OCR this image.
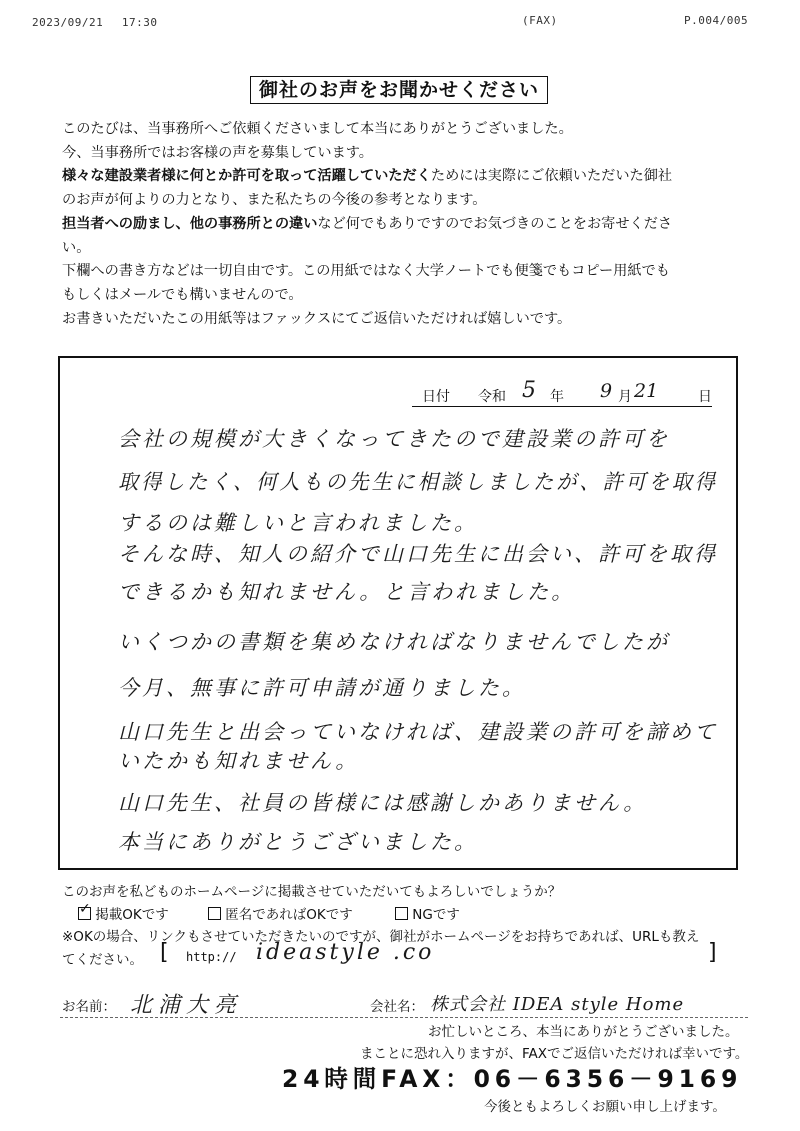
2023/09/21　 17:30	(FAX)	P.004/005
御社のお声をお聞かせください

このたびは、当事務所へご依頼くださいまして本当にありがとうございました。

今、当事務所ではお客様の声を募集しています。

様々な建設業者様に何とか許可を取って活躍していただくためには実際にご依頼いただいた御社

のお声が何よりの力となり、また私たちの今後の参考となります。

担当者への励まし、他の事務所との違いなど何でもありですのでお気づきのことをお寄せくださ

い。

下欄への書き方などは一切自由です。この用紙ではなく大学ノートでも便箋でもコピー用紙でも

もしくはメールでも構いませんので。

お書きいただいたこの用紙等はファックスにてご返信いただければ嬉しいです。

日付 令和 5 年 9 月 21	日
会社の規模が大きくなってきたので建設業の許可を
取得したく、何人もの先生に相談しましたが、許可を取得
するのは難しいと言われました。
そんな時、知人の紹介で山口先生に出会い、許可を取得
できるかも知れません。と言われました。
いくつかの書類を集めなければなりませんでしたが
今月、無事に許可申請が通りました。
山口先生と出会っていなければ、建設業の許可を諦めて
いたかも知れません。
山口先生、社員の皆様には感謝しかありません。
本当にありがとうございました。
このお声を私どものホームページに掲載させていただいてもよろしいでしょうか？
✓ 掲載OKです	匿名であればOKです	NGです
※OKの場合、リンクもさせていただきたいのですが、御社がホームページをお持ちであれば、URLも教え
てください。 [ http:// ideastyle .co	]
お名前： 北浦大亮	会社名： 株式会社 IDEA style Home
お忙しいところ、本当にありがとうございました。
まことに恐れ入りますが、FAXでご返信いただければ幸いです。
24時間FAX：06－6356－9169
今後ともよろしくお願い申し上げます。
